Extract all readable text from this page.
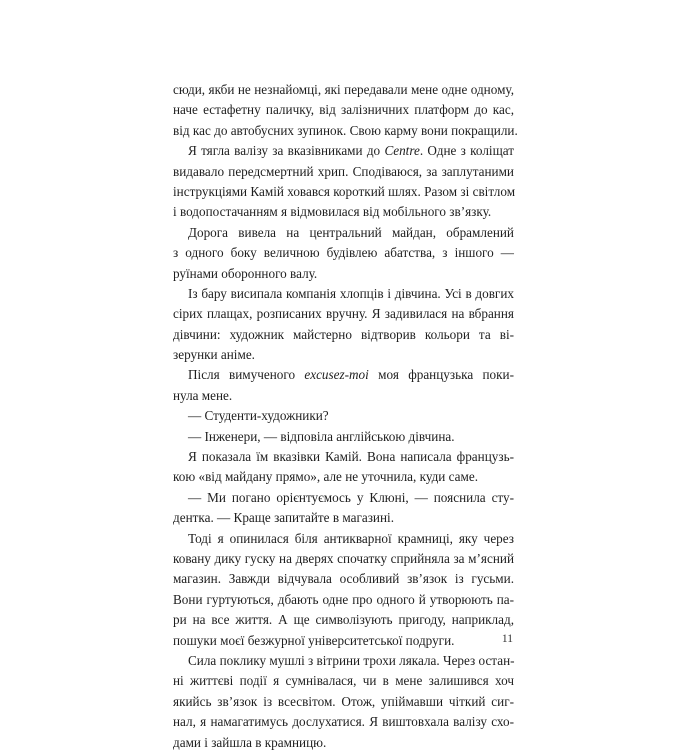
сюди, якби не незнайомці, які передавали мене одне одному,
наче естафетну паличку, від залізничних платформ до кас,
від кас до автобусних зупинок. Свою карму вони покращили.
Я тягла валізу за вказівниками до Centre. Одне з коліщат
видавало передсмертний хрип. Сподіваюся, за заплутаними
інструкціями Камій ховався короткий шлях. Разом зі світлом
і водопостачанням я відмовилася від мобільного зв’язку.
Дорога вивела на центральний майдан, обрамлений
з одного боку величною будівлею абатства, з іншого —
руїнами оборонного валу.
Із бару висипала компанія хлопців і дівчина. Усі в довгих
сірих плащах, розписаних вручну. Я задивилася на вбрання
дівчини: художник майстерно відтворив кольори та ві-
зерунки аніме.
Після вимученого excusez-moi моя французька поки-
нула мене.
— Студенти-художники?
— Інженери, — відповіла англійською дівчина.
Я показала їм вказівки Камій. Вона написала французь-
кою «від майдану прямо», але не уточнила, куди саме.
— Ми погано орієнтуємось у Клюні, — пояснила сту-
дентка. — Краще запитайте в магазині.
Тоді я опинилася біля антикварної крамниці, яку через
ковану дику гуску на дверях спочатку сприйняла за м’ясний
магазин. Завжди відчувала особливий зв’язок із гусьми.
Вони гуртуються, дбають одне про одного й утворюють па-
ри на все життя. А ще символізують пригоду, наприклад,
пошуки моєї безжурної університетської подруги.
Сила поклику мушлі з вітрини трохи лякала. Через остан-
ні життєві події я сумнівалася, чи в мене залишився хоч
якийсь зв’язок із всесвітом. Отож, упіймавши чіткий сиг-
нал, я намагатимусь дослухатися. Я виштовхала валізу схо-
дами і зайшла в крамницю.
11
